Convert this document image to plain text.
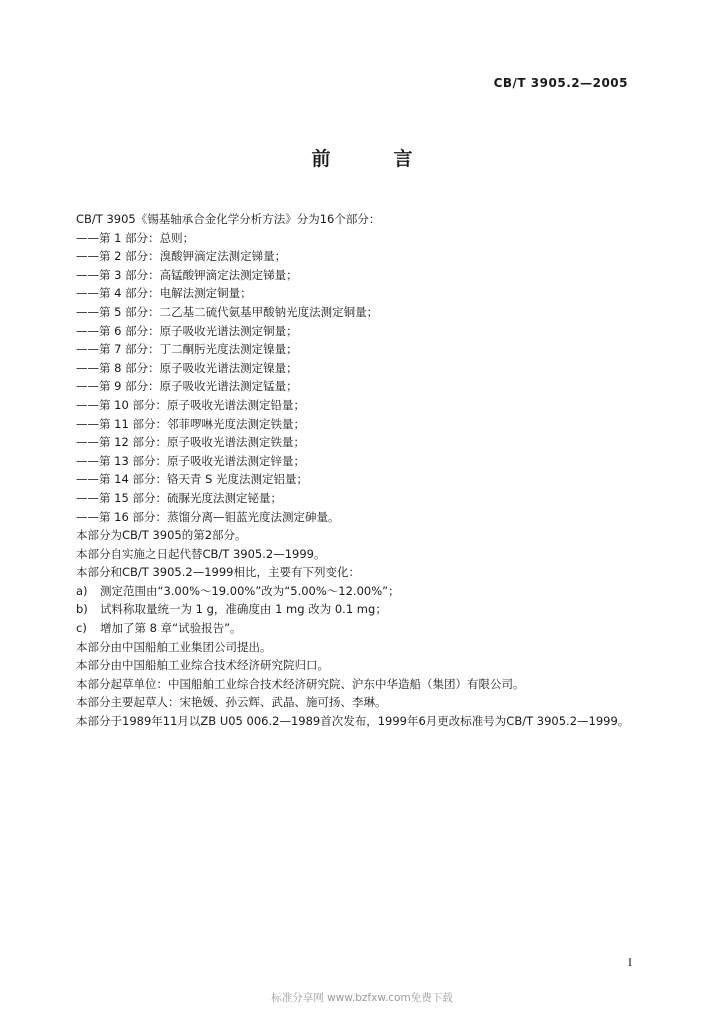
CB/T 3905.2—2005
前　言
CB/T 3905《锡基轴承合金化学分析方法》分为16个部分：
——第 1 部分：总则；
——第 2 部分：溴酸钾滴定法测定锑量；
——第 3 部分：高锰酸钾滴定法测定锑量；
——第 4 部分：电解法测定铜量；
——第 5 部分：二乙基二硫代氨基甲酸钠光度法测定铜量；
——第 6 部分：原子吸收光谱法测定铜量；
——第 7 部分：丁二酮肟光度法测定镍量；
——第 8 部分：原子吸收光谱法测定镍量；
——第 9 部分：原子吸收光谱法测定锰量；
——第 10 部分：原子吸收光谱法测定铅量；
——第 11 部分：邻菲啰啉光度法测定铁量；
——第 12 部分：原子吸收光谱法测定铁量；
——第 13 部分：原子吸收光谱法测定锌量；
——第 14 部分：铬天青 S 光度法测定铝量；
——第 15 部分：硫脲光度法测定铋量；
——第 16 部分：蒸馏分离—钼蓝光度法测定砷量。
本部分为CB/T 3905的第2部分。
本部分自实施之日起代替CB/T 3905.2—1999。
本部分和CB/T 3905.2—1999相比，主要有下列变化：
a) 测定范围由“3.00%～19.00%”改为“5.00%～12.00%”；
b) 试料称取量统一为 1 g，准确度由 1 mg 改为 0.1 mg；
c) 增加了第 8 章“试验报告”。
本部分由中国船舶工业集团公司提出。
本部分由中国船舶工业综合技术经济研究院归口。
本部分起草单位：中国船舶工业综合技术经济研究院、沪东中华造船（集团）有限公司。
本部分主要起草人：宋艳媛、孙云辉、武晶、施可扬、李琳。
本部分于1989年11月以ZB U05 006.2—1989首次发布，1999年6月更改标准号为CB/T 3905.2—1999。
I
标准分享网 www.bzfxw.com免费下载
